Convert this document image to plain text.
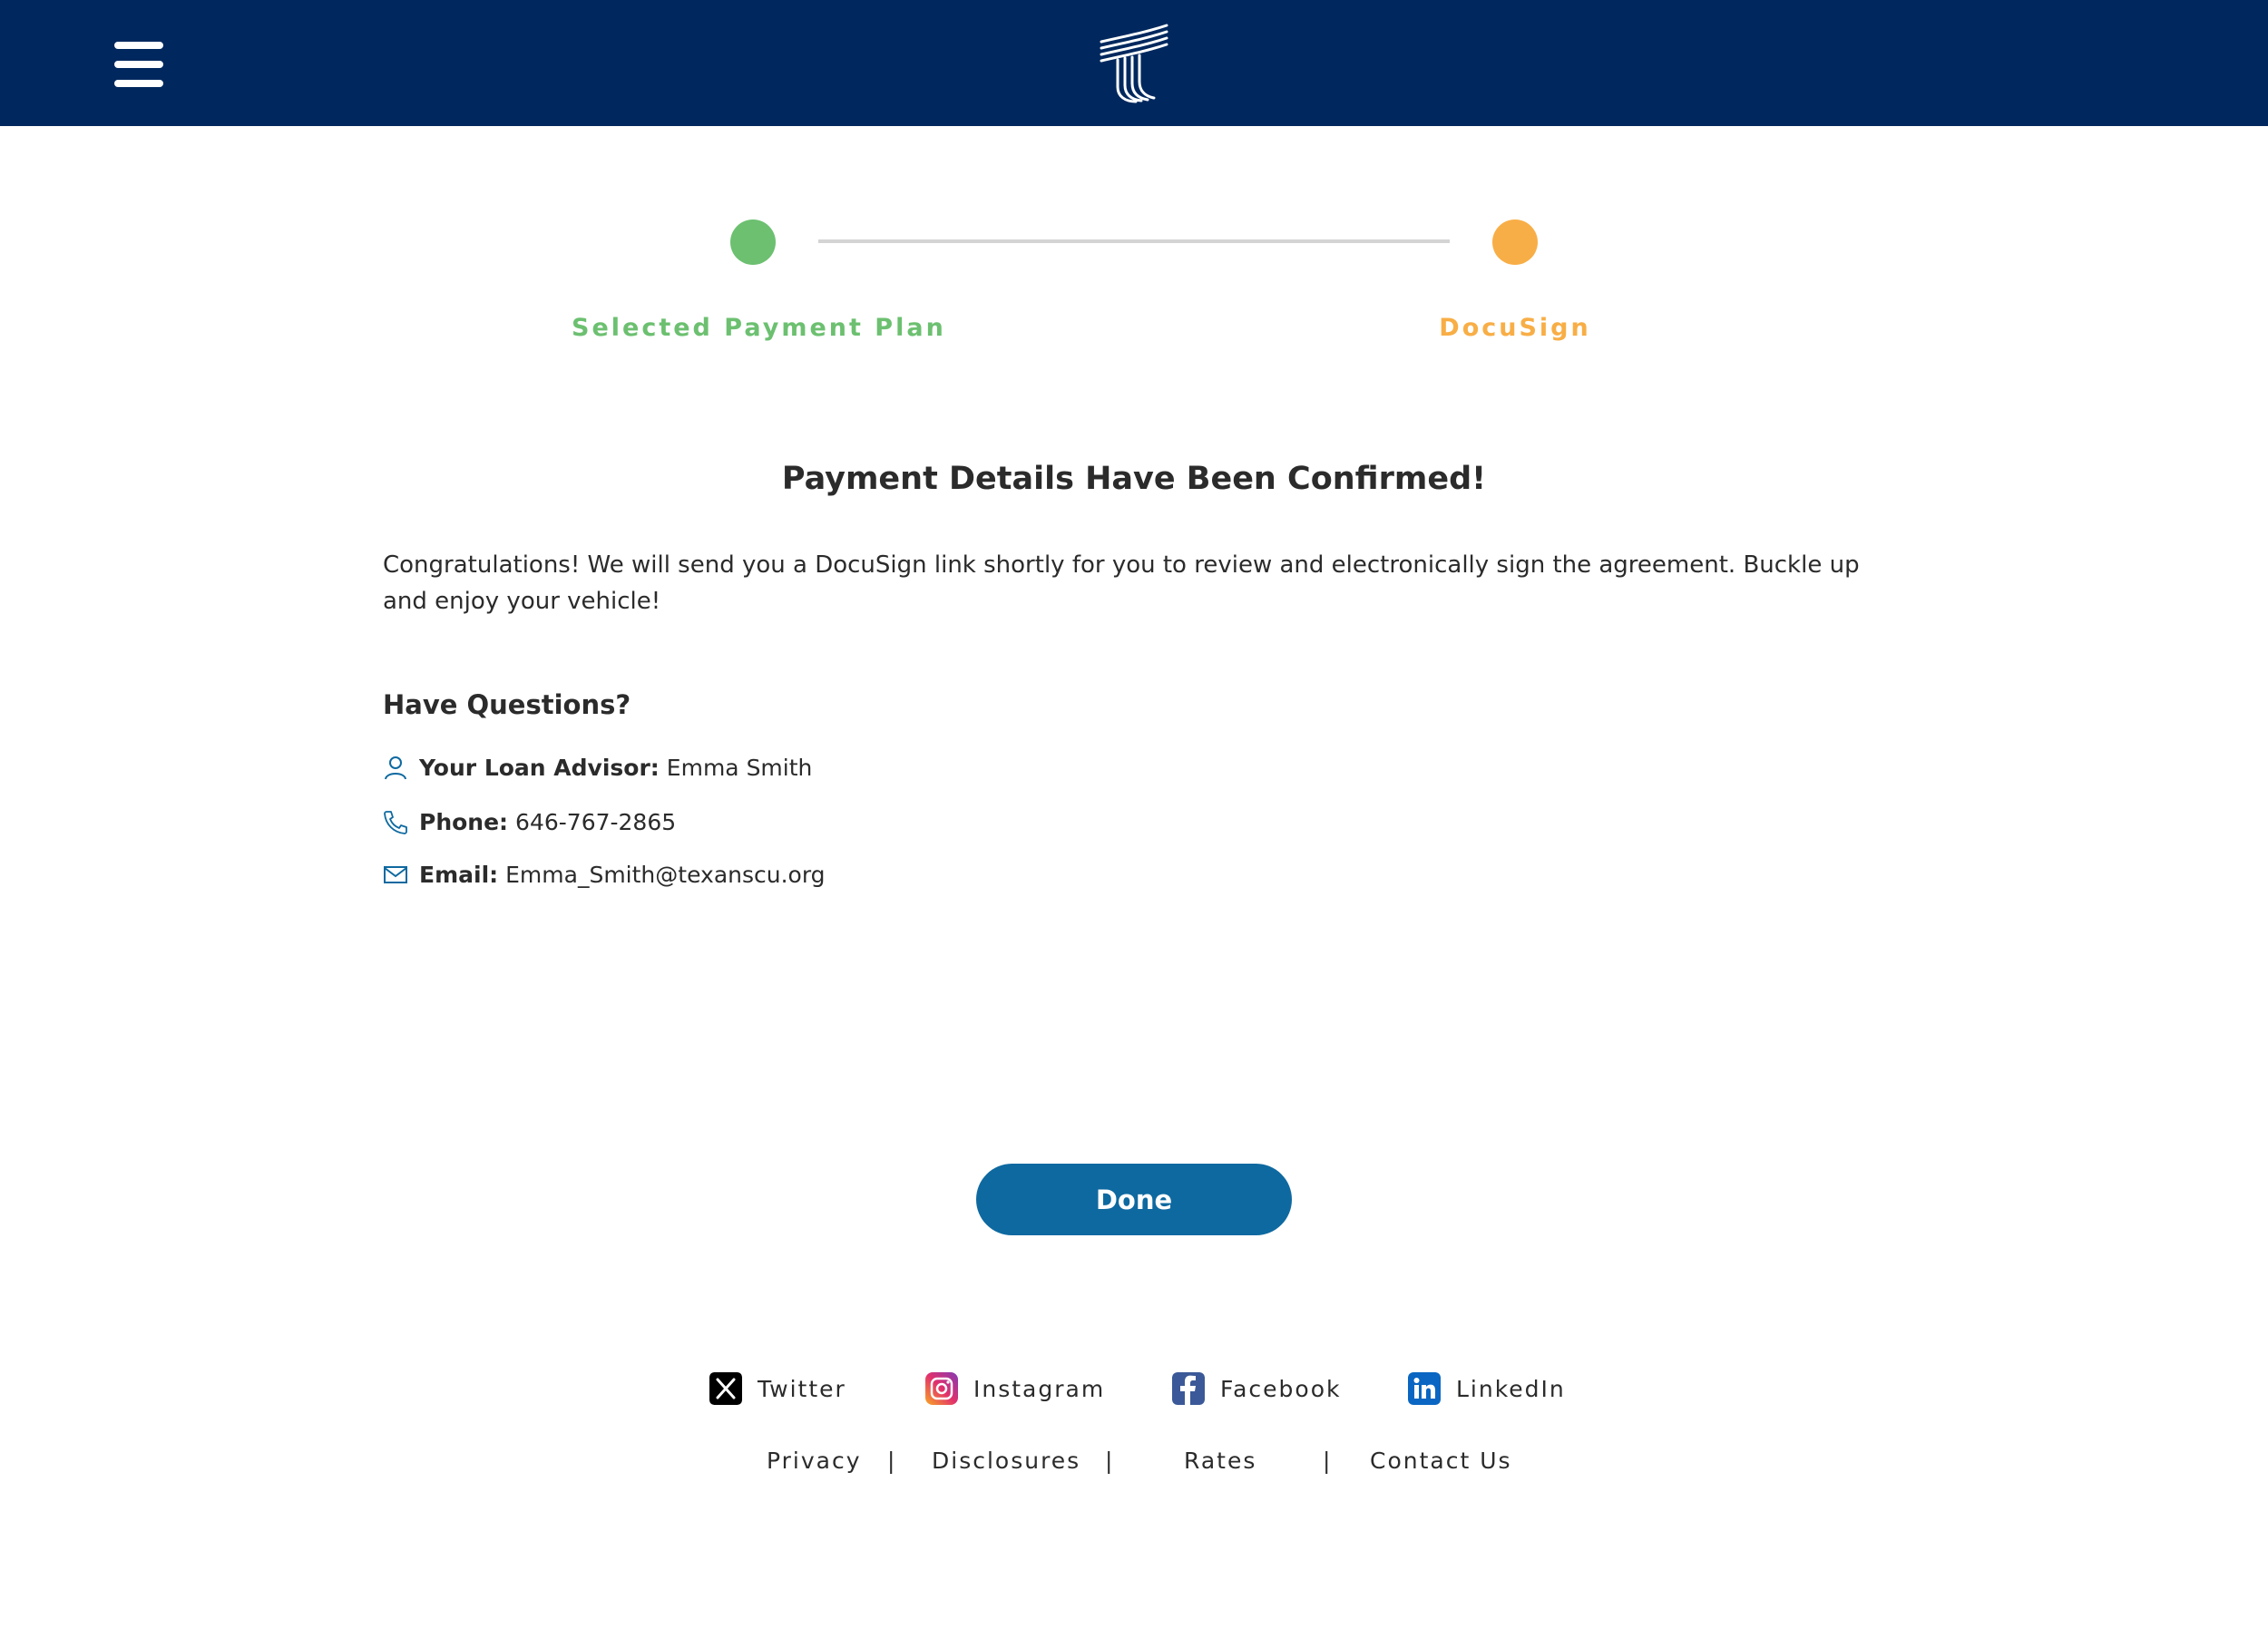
Selected Payment Plan	DocuSign
Payment Details Have Been Confirmed!
Congratulations! We will send you a DocuSign link shortly for you to review and electronically sign the agreement. Buckle up and enjoy your vehicle!
Have Questions?
Your Loan Advisor: Emma Smith
Phone: 646-767-2865
Email: Emma_Smith@texanscu.org
Done
Twitter	Instagram	Facebook	LinkedIn
Privacy | Disclosures |	Rates	| Contact Us
